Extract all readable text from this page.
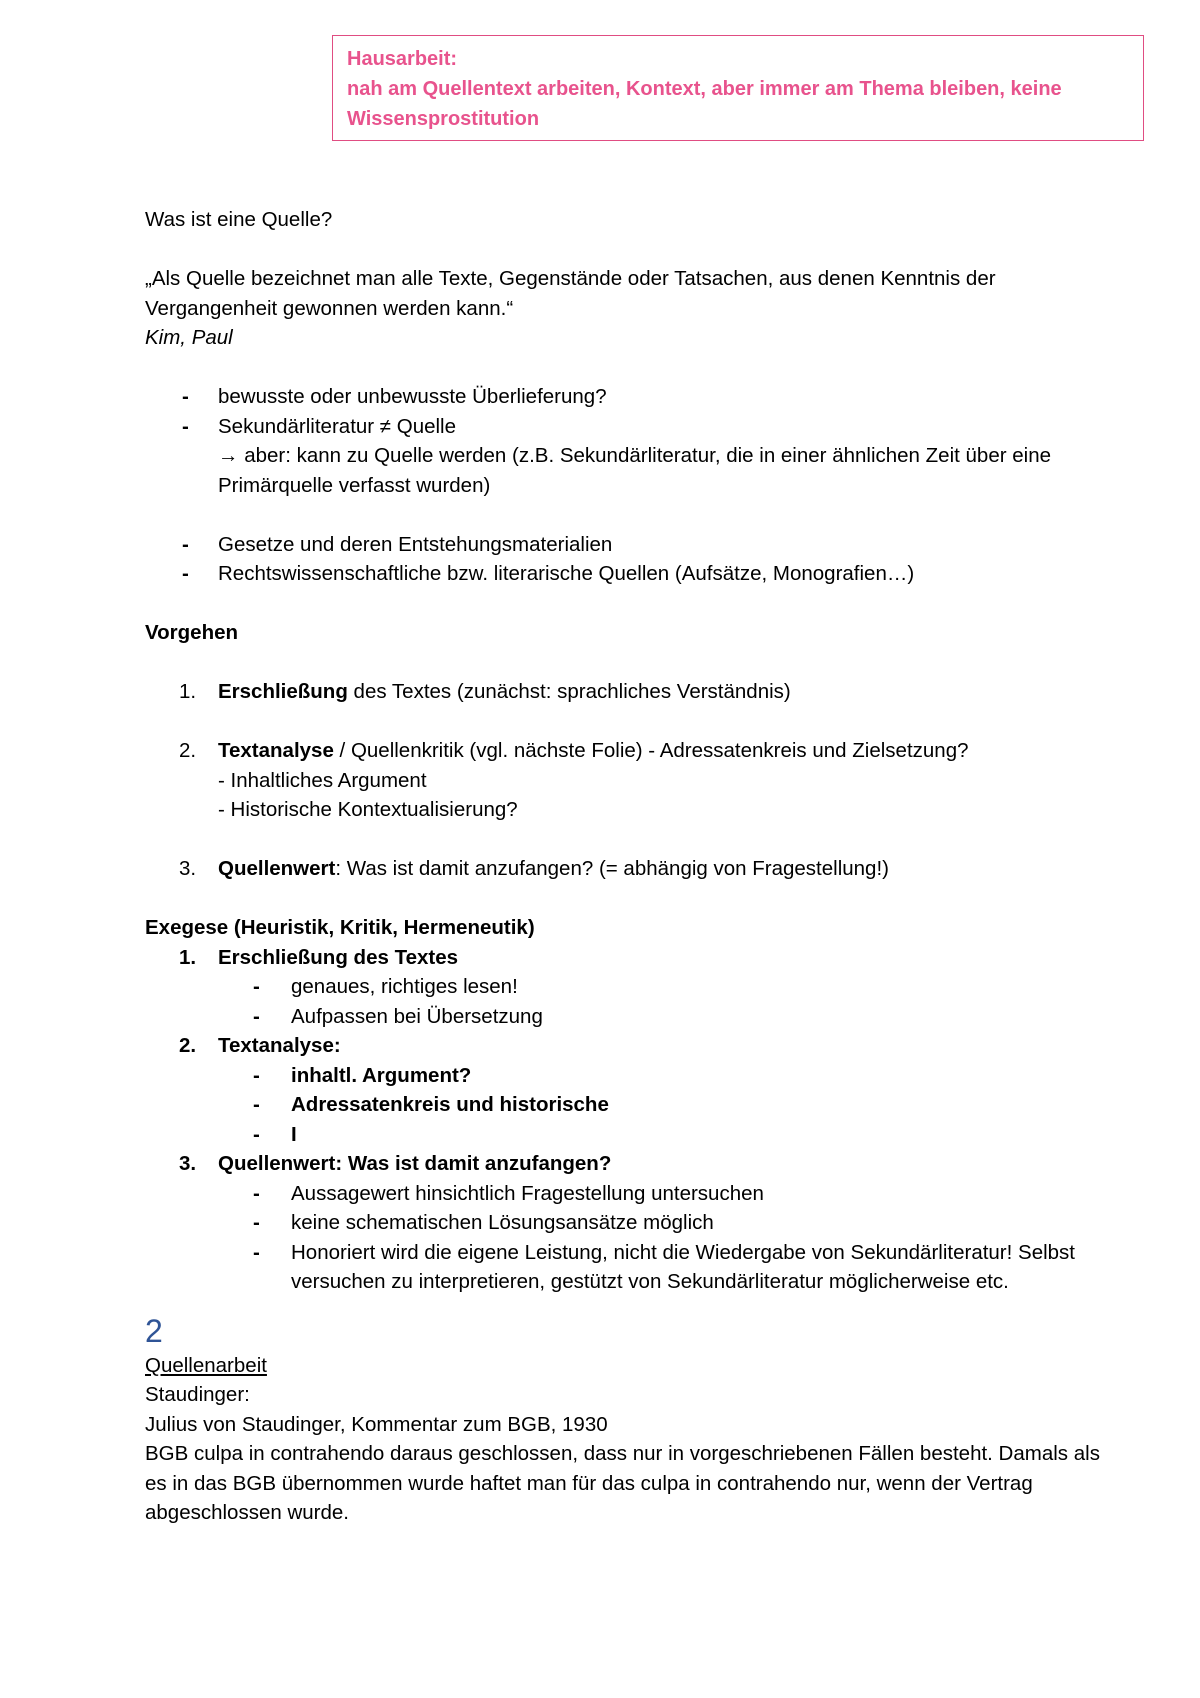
Hausarbeit:

nah am Quellentext arbeiten, Kontext, aber immer am Thema bleiben, keine Wissensprostitution

Was ist eine Quelle?

„Als Quelle bezeichnet man alle Texte, Gegenstände oder Tatsachen, aus denen Kenntnis der Vergangenheit gewonnen werden kann.“

Kim, Paul

- bewusste oder unbewusste Überlieferung?
- Sekundärliteratur ≠ Quelle
→ aber: kann zu Quelle werden (z.B. Sekundärliteratur, die in einer ähnlichen Zeit über eine Primärquelle verfasst wurden)
- Gesetze und deren Entstehungsmaterialien
- Rechtswissenschaftliche bzw. literarische Quellen (Aufsätze, Monografien…)

Vorgehen

1. Erschließung des Textes (zunächst: sprachliches Verständnis)
2. Textanalyse / Quellenkritik (vgl. nächste Folie) - Adressatenkreis und Zielsetzung?
- Inhaltliches Argument
- Historische Kontextualisierung?
3. Quellenwert: Was ist damit anzufangen? (= abhängig von Fragestellung!)

Exegese (Heuristik, Kritik, Hermeneutik)

1. Erschließung des Textes
- genaues, richtiges lesen!
- Aufpassen bei Übersetzung
2. Textanalyse:
- inhaltl. Argument?
- Adressatenkreis und historische
- I
3. Quellenwert: Was ist damit anzufangen?
- Aussagewert hinsichtlich Fragestellung untersuchen
- keine schematischen Lösungsansätze möglich
- Honoriert wird die eigene Leistung, nicht die Wiedergabe von Sekundärliteratur! Selbst versuchen zu interpretieren, gestützt von Sekundärliteratur möglicherweise etc.

2

Quellenarbeit

Staudinger:

Julius von Staudinger, Kommentar zum BGB, 1930

BGB culpa in contrahendo daraus geschlossen, dass nur in vorgeschriebenen Fällen besteht. Damals als es in das BGB übernommen wurde haftet man für das culpa in contrahendo nur, wenn der Vertrag abgeschlossen wurde.
